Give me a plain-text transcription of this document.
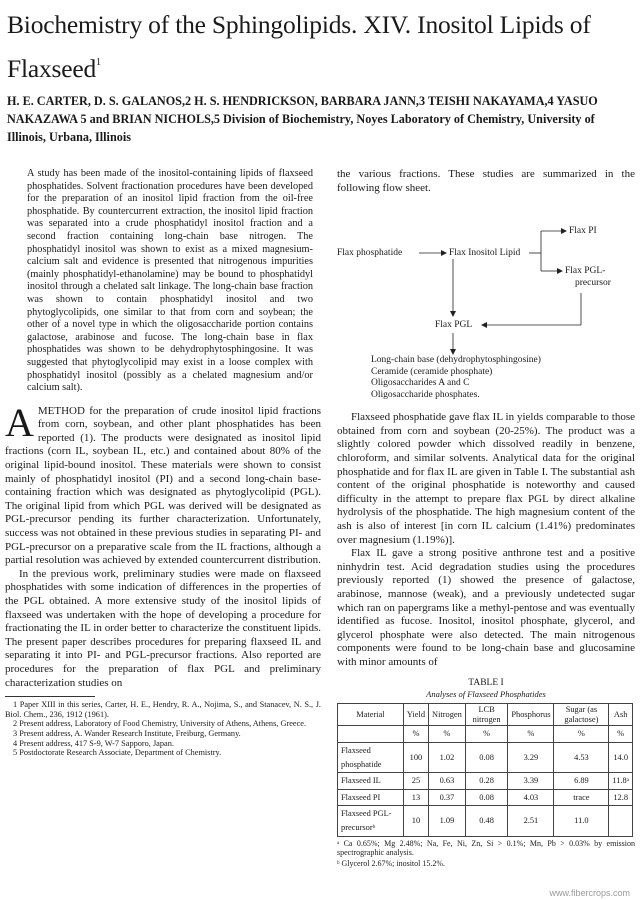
Biochemistry of the Sphingolipids. XIV. Inositol Lipids of Flaxseed$^1$
H. E. CARTER, D. S. GALANOS,2 H. S. HENDRICKSON, BARBARA JANN,3 TEISHI NAKAYAMA,4 YASUO NAKAZAWA 5 and BRIAN NICHOLS,5 Division of Biochemistry, Noyes Laboratory of Chemistry, University of Illinois, Urbana, Illinois
A study has been made of the inositol-containing lipids of flaxseed phosphatides. Solvent fractionation procedures have been developed for the preparation of an inositol lipid fraction from the oil-free phosphatide. By countercurrent extraction, the inositol lipid fraction was separated into a crude phosphatidyl inositol fraction and a second fraction containing long-chain base nitrogen. The phosphatidyl inositol was shown to exist as a mixed magnesium-calcium salt and evidence is presented that nitrogenous impurities (mainly phosphatidyl-ethanolamine) may be bound to phosphatidyl inositol through a chelated salt linkage. The long-chain base fraction was shown to contain phosphatidyl inositol and two phytoglycolipids, one similar to that from corn and soybean; the other of a novel type in which the oligosaccharide portion contains galactose, arabinose and fucose. The long-chain base in flax phosphatides was shown to be dehydrophytosphingosine. It was suggested that phytoglycolipid may exist in a loose complex with phosphatidyl inositol (possibly as a chelated magnesium and/or calcium salt).

AMETHOD for the preparation of crude inositol lipid fractions from corn, soybean, and other plant phosphatides has been reported (1). The products were designated as inositol lipid fractions (corn IL, soybean IL, etc.) and contained about 80% of the original lipid-bound inositol. These materials were shown to consist mainly of phosphatidyl inositol (PI) and a second long-chain base-containing fraction which was designated as phytoglycolipid (PGL). The original lipid from which PGL was derived will be designated as PGL-precursor pending its further characterization. Unfortunately, success was not obtained in these previous studies in separating PI- and PGL-precursor on a preparative scale from the IL fractions, although a partial resolution was achieved by extended countercurrent distribution.

In the previous work, preliminary studies were made on flaxseed phosphatides with some indication of differences in the properties of the PGL obtained. A more extensive study of the inositol lipids of flaxseed was undertaken with the hope of developing a procedure for fractionating the IL in order better to characterize the constituent lipids. The present paper describes procedures for preparing flaxseed IL and separating it into PI- and PGL-precursor fractions. Also reported are procedures for the preparation of flax PGL and preliminary characterization studies on

1 Paper XIII in this series, Carter, H. E., Hendry, R. A., Nojima, S., and Stanacev, N. S., J. Biol. Chem., 236, 1912 (1961).

2 Present address, Laboratory of Food Chemistry, University of Athens, Athens, Greece.

3 Present address, A. Wander Research Institute, Freiburg, Germany.

4 Present address, 417 S-9, W-7 Sapporo, Japan.

5 Postdoctorate Research Associate, Department of Chemistry.

the various fractions. These studies are summarized in the following flow sheet.

Flax phosphatide	Flax Inositol Lipid
Flax PI
Flax PGL-
precursor
Flax PGL
Long-chain base (dehydrophytosphingosine)
Ceramide (ceramide phosphate)
Oligosaccharides A and C
Oligosaccharide phosphates.

Flaxseed phosphatide gave flax IL in yields comparable to those obtained from corn and soybean (20-25%). The product was a slightly colored powder which dissolved readily in benzene, chloroform, and similar solvents. Analytical data for the original phosphatide and for flax IL are given in Table I. The substantial ash content of the original phosphatide is noteworthy and caused difficulty in the attempt to prepare flax PGL by direct alkaline hydrolysis of the phosphatide. The high magnesium content of the ash is also of interest [in corn IL calcium (1.41%) predominates over magnesium (1.19%)].

Flax IL gave a strong positive anthrone test and a positive ninhydrin test. Acid degradation studies using the procedures previously reported (1) showed the presence of galactose, arabinose, mannose (weak), and a previously undetected sugar which ran on papergrams like a methyl-pentose and was eventually identified as fucose. Inositol, inositol phosphate, glycerol, and glycerol phosphate were also detected. The main nitrogenous components were found to be long-chain base and glucosamine with minor amounts of

TABLE I
Analyses of Flaxseed Phosphatides
Material	Yield	Nitrogen	LCB nitrogen	Phosphorus	Sugar (as galactose)	Ash
	%	%	%	%	%	%
Flaxseed phosphatide	100	1.02	0.08	3.29	4.53	14.0
Flaxseed IL	25	0.63	0.28	3.39	6.89	11.8ᵃ
Flaxseed PI	13	0.37	0.08	4.03	trace	12.8
Flaxseed PGL-precursorᵇ	10	1.09	0.48	2.51	11.0	
ᵃ Ca 0.65%; Mg 2.48%; Na, Fe, Ni, Zn, Si > 0.1%; Mn, Pb > 0.03% by emission spectrographic analysis.
ᵇ Glycerol 2.67%; inositol 15.2%.
www.fibercrops.com
